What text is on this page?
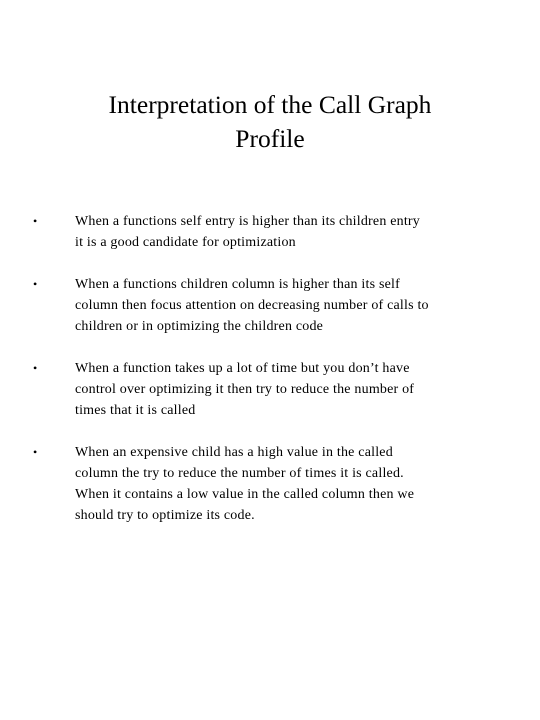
Interpretation of the Call Graph
Profile
•	When a functions self entry is higher than its children entry
it is a good candidate for optimization
•	When a functions children column is higher than its self
column then focus attention on decreasing number of calls to
children or in optimizing the children code
•	When a function takes up a lot of time but you don’t have
control over optimizing it then try to reduce the number of
times that it is called
•	When an expensive child has a high value in the called
column the try to reduce the number of times it is called.
When it contains a low value in the called column then we
should try to optimize its code.
